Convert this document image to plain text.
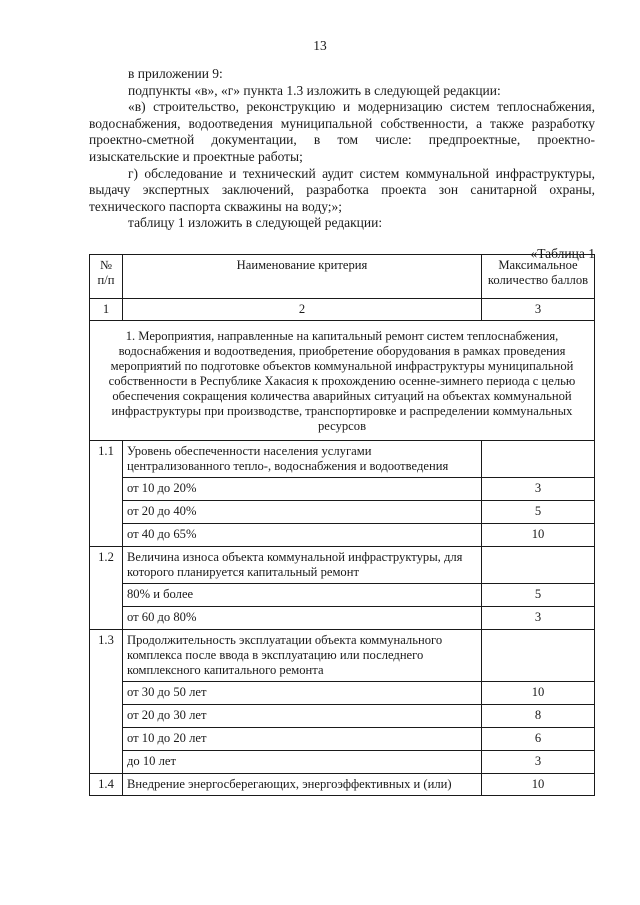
13

в приложении 9:

подпункты «в», «г» пункта 1.3 изложить в следующей редакции:

«в) строительство, реконструкцию и модернизацию систем теплоснабжения, водоснабжения, водоотведения муниципальной собственности, а также разработку проектно-сметной документации, в том числе: предпроектные, проектно-изыскательские и проектные работы;

г) обследование и технический аудит систем коммунальной инфраструктуры, выдачу экспертных заключений, разработка проекта зон санитарной охраны, технического паспорта скважины на воду;»;

таблицу 1 изложить в следующей редакции:

«Таблица 1

№ п/п	Наименование критерия	Максимальное количество баллов
1	2	3
1. Мероприятия, направленные на капитальный ремонт систем теплоснабжения, водоснабжения и водоотведения, приобретение оборудования в рамках проведения мероприятий по подготовке объектов коммунальной инфраструктуры муниципальной собственности в Республике Хакасия к прохождению осенне-зимнего периода с целью обеспечения сокращения количества аварийных ситуаций на объектах коммунальной инфраструктуры при производстве, транспортировке и распределении коммунальных ресурсов		
1.1	Уровень обеспеченности населения услугами централизованного тепло-, водоснабжения и водоотведения	
	от 10 до 20%	3
	от 20 до 40%	5
	от 40 до 65%	10
1.2	Величина износа объекта коммунальной инфраструктуры, для которого планируется капитальный ремонт	
	80% и более	5
	от 60 до 80%	3
1.3	Продолжительность эксплуатации объекта коммунального комплекса после ввода в эксплуатацию или последнего комплексного капитального ремонта	
	от 30 до 50 лет	10
	от 20 до 30 лет	8
	от 10 до 20 лет	6
	до 10 лет	3
1.4	Внедрение энергосберегающих, энергоэффективных и (или)	10
